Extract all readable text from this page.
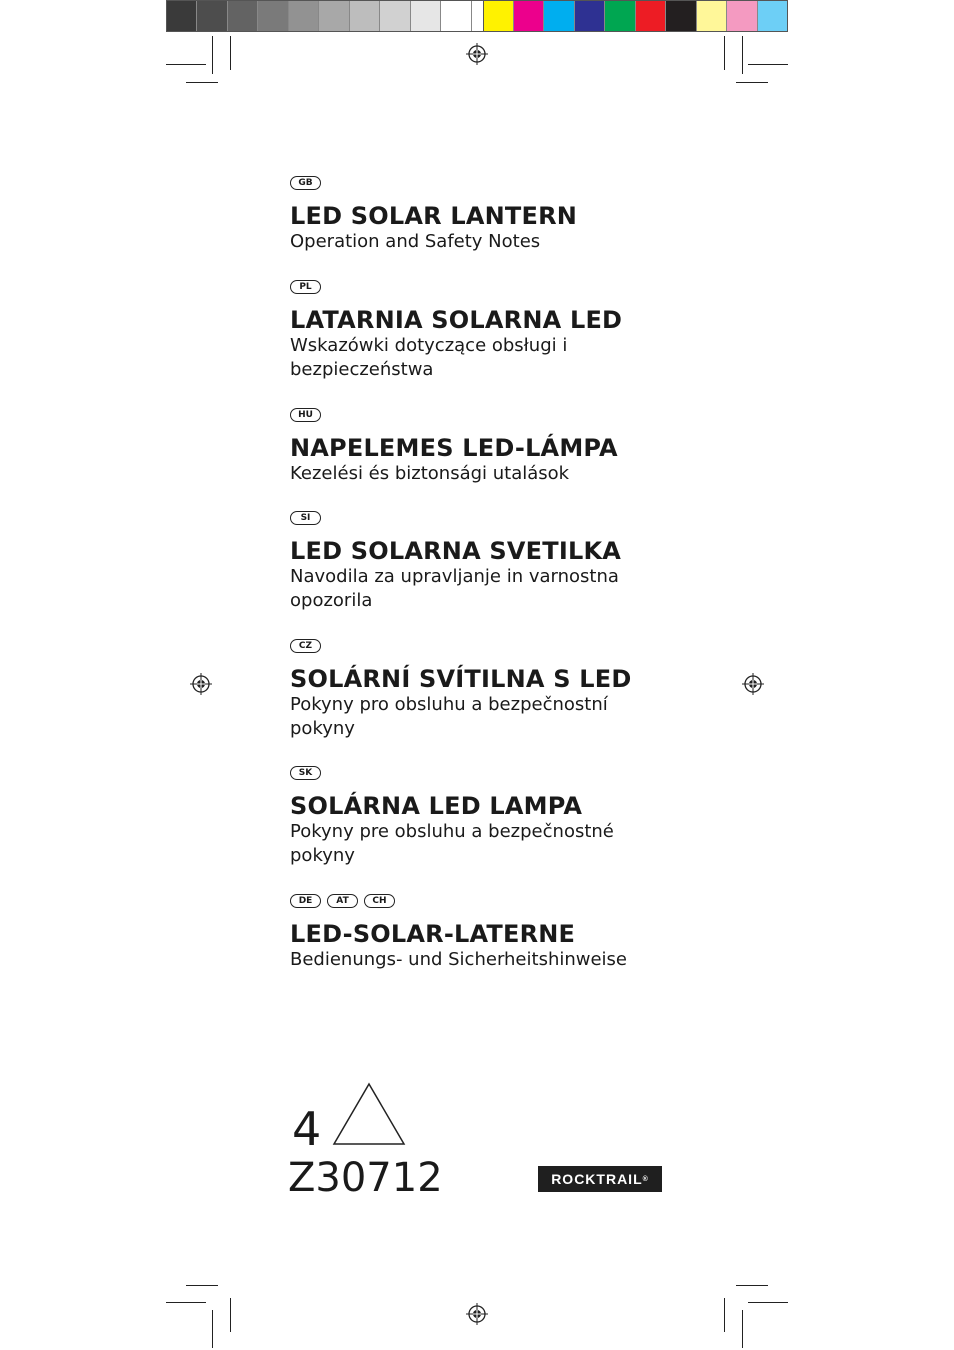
GB
LED SOLAR LANTERN
Operation and Safety Notes
PL
LATARNIA SOLARNA LED
Wskazówki dotyczące obsługi i bezpieczeństwa
HU
NAPELEMES LED-LÁMPA
Kezelési és biztonsági utalások
SI
LED SOLARNA SVETILKA
Navodila za upravljanje in varnostna opozorila
CZ
SOLÁRNÍ SVÍTILNA S LED
Pokyny pro obsluhu a bezpečnostní pokyny
SK
SOLÁRNA LED LAMPA
Pokyny pre obsluhu a bezpečnostné pokyny
DE	AT	CH
LED-SOLAR-LATERNE
Bedienungs- und Sicherheitshinweise
4
Z30712	ROCKTRAIL ®
